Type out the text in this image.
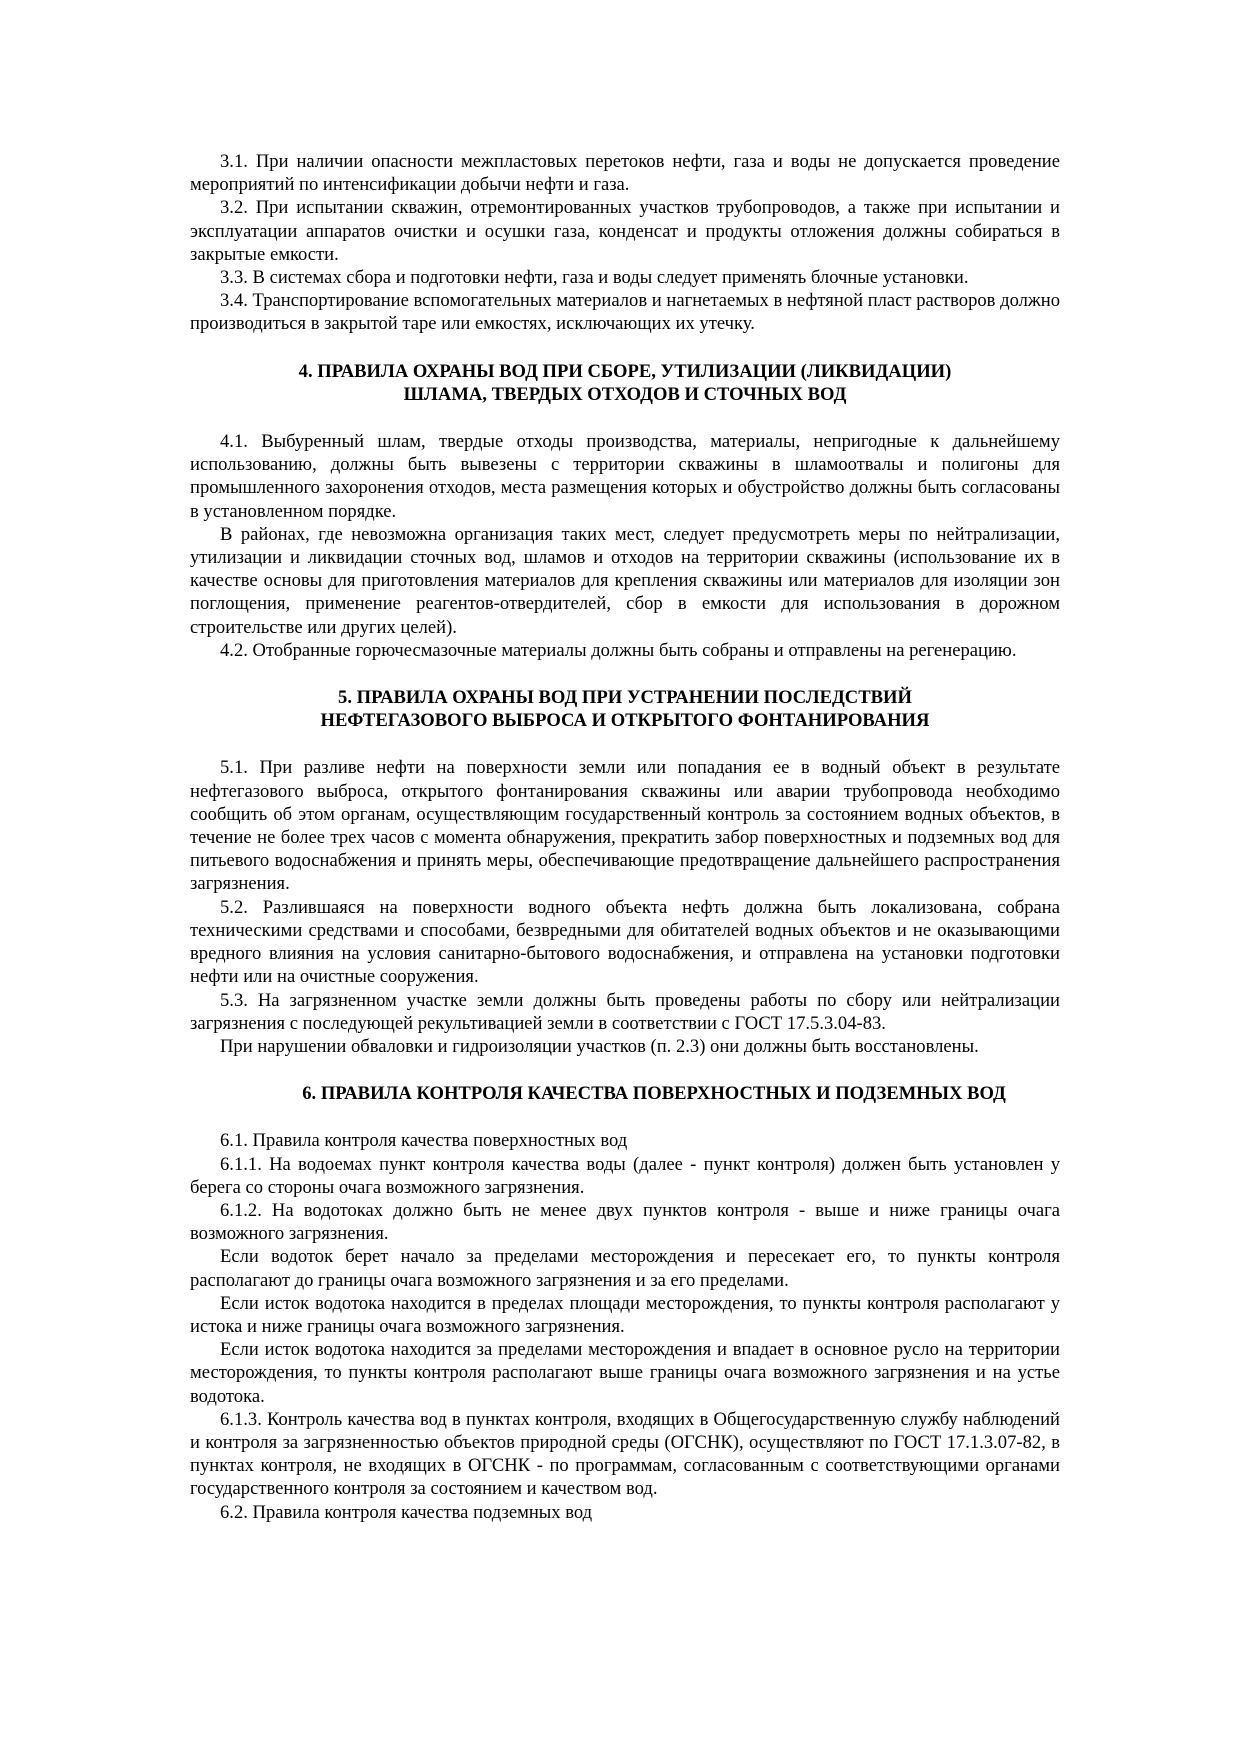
3.1. При наличии опасности межпластовых перетоков нефти, газа и воды не допускается проведение мероприятий по интенсификации добычи нефти и газа.

3.2. При испытании скважин, отремонтированных участков трубопроводов, а также при испытании и эксплуатации аппаратов очистки и осушки газа, конденсат и продукты отложения должны собираться в закрытые емкости.

3.3. В системах сбора и подготовки нефти, газа и воды следует применять блочные установки.

3.4. Транспортирование вспомогательных материалов и нагнетаемых в нефтяной пласт растворов должно производиться в закрытой таре или емкостях, исключающих их утечку.

4. ПРАВИЛА ОХРАНЫ ВОД ПРИ СБОРЕ, УТИЛИЗАЦИИ (ЛИКВИДАЦИИ)
ШЛАМА, ТВЕРДЫХ ОТХОДОВ И СТОЧНЫХ ВОД

4.1. Выбуренный шлам, твердые отходы производства, материалы, непригодные к дальнейшему использованию, должны быть вывезены с территории скважины в шламоотвалы и полигоны для промышленного захоронения отходов, места размещения которых и обустройство должны быть согласованы в установленном порядке.

В районах, где невозможна организация таких мест, следует предусмотреть меры по нейтрализации, утилизации и ликвидации сточных вод, шламов и отходов на территории скважины (использование их в качестве основы для приготовления материалов для крепления скважины или материалов для изоляции зон поглощения, применение реагентов-отвердителей, сбор в емкости для использования в дорожном строительстве или других целей).

4.2. Отобранные горючесмазочные материалы должны быть собраны и отправлены на регенерацию.

5. ПРАВИЛА ОХРАНЫ ВОД ПРИ УСТРАНЕНИИ ПОСЛЕДСТВИЙ
НЕФТЕГАЗОВОГО ВЫБРОСА И ОТКРЫТОГО ФОНТАНИРОВАНИЯ

5.1. При разливе нефти на поверхности земли или попадания ее в водный объект в результате нефтегазового выброса, открытого фонтанирования скважины или аварии трубопровода необходимо сообщить об этом органам, осуществляющим государственный контроль за состоянием водных объектов, в течение не более трех часов с момента обнаружения, прекратить забор поверхностных и подземных вод для питьевого водоснабжения и принять меры, обеспечивающие предотвращение дальнейшего распространения загрязнения.

5.2. Разлившаяся на поверхности водного объекта нефть должна быть локализована, собрана техническими средствами и способами, безвредными для обитателей водных объектов и не оказывающими вредного влияния на условия санитарно-бытового водоснабжения, и отправлена на установки подготовки нефти или на очистные сооружения.

5.3. На загрязненном участке земли должны быть проведены работы по сбору или нейтрализации загрязнения с последующей рекультивацией земли в соответствии с ГОСТ 17.5.3.04-83.

При нарушении обваловки и гидроизоляции участков (п. 2.3) они должны быть восстановлены.

6. ПРАВИЛА КОНТРОЛЯ КАЧЕСТВА ПОВЕРХНОСТНЫХ И ПОДЗЕМНЫХ ВОД

6.1. Правила контроля качества поверхностных вод

6.1.1. На водоемах пункт контроля качества воды (далее - пункт контроля) должен быть установлен у берега со стороны очага возможного загрязнения.

6.1.2. На водотоках должно быть не менее двух пунктов контроля - выше и ниже границы очага возможного загрязнения.

Если водоток берет начало за пределами месторождения и пересекает его, то пункты контроля располагают до границы очага возможного загрязнения и за его пределами.

Если исток водотока находится в пределах площади месторождения, то пункты контроля располагают у истока и ниже границы очага возможного загрязнения.

Если исток водотока находится за пределами месторождения и впадает в основное русло на территории месторождения, то пункты контроля располагают выше границы очага возможного загрязнения и на устье водотока.

6.1.3. Контроль качества вод в пунктах контроля, входящих в Общегосударственную службу наблюдений и контроля за загрязненностью объектов природной среды (ОГСНК), осуществляют по ГОСТ 17.1.3.07-82, в пунктах контроля, не входящих в ОГСНК - по программам, согласованным с соответствующими органами государственного контроля за состоянием и качеством вод.

6.2. Правила контроля качества подземных вод
